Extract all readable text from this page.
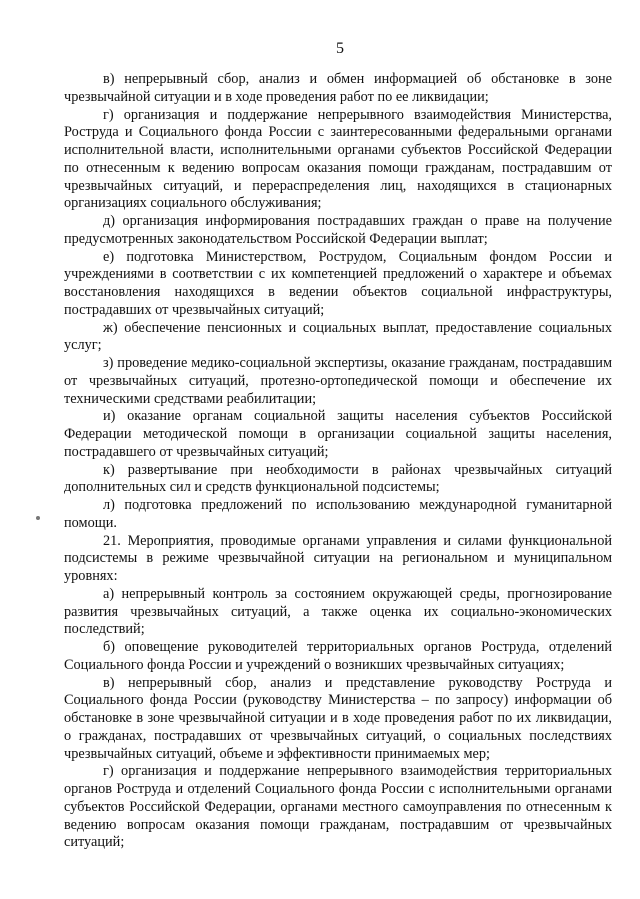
5

в) непрерывный сбор, анализ и обмен информацией об обстановке в зоне чрезвычайной ситуации и в ходе проведения работ по ее ликвидации;

г) организация и поддержание непрерывного взаимодействия Министерства, Роструда и Социального фонда России с заинтересованными федеральными органами исполнительной власти, исполнительными органами субъектов Российской Федерации по отнесенным к ведению вопросам оказания помощи гражданам, пострадавшим от чрезвычайных ситуаций, и перераспределения лиц, находящихся в стационарных организациях социального обслуживания;

д) организация информирования пострадавших граждан о праве на получение предусмотренных законодательством Российской Федерации выплат;

е) подготовка Министерством, Рострудом, Социальным фондом России и учреждениями в соответствии с их компетенцией предложений о характере и объемах восстановления находящихся в ведении объектов социальной инфраструктуры, пострадавших от чрезвычайных ситуаций;

ж) обеспечение пенсионных и социальных выплат, предоставление социальных услуг;

з) проведение медико-социальной экспертизы, оказание гражданам, пострадавшим от чрезвычайных ситуаций, протезно-ортопедической помощи и обеспечение их техническими средствами реабилитации;

и) оказание органам социальной защиты населения субъектов Российской Федерации методической помощи в организации социальной защиты населения, пострадавшего от чрезвычайных ситуаций;

к) развертывание при необходимости в районах чрезвычайных ситуаций дополнительных сил и средств функциональной подсистемы;

л) подготовка предложений по использованию международной гуманитарной помощи.

21. Мероприятия, проводимые органами управления и силами функциональной подсистемы в режиме чрезвычайной ситуации на региональном и муниципальном уровнях:

а) непрерывный контроль за состоянием окружающей среды, прогнозирование развития чрезвычайных ситуаций, а также оценка их социально-экономических последствий;

б) оповещение руководителей территориальных органов Роструда, отделений Социального фонда России и учреждений о возникших чрезвычайных ситуациях;

в) непрерывный сбор, анализ и представление руководству Роструда и Социального фонда России (руководству Министерства – по запросу) информации об обстановке в зоне чрезвычайной ситуации и в ходе проведения работ по их ликвидации, о гражданах, пострадавших от чрезвычайных ситуаций, о социальных последствиях чрезвычайных ситуаций, объеме и эффективности принимаемых мер;

г) организация и поддержание непрерывного взаимодействия территориальных органов Роструда и отделений Социального фонда России с исполнительными органами субъектов Российской Федерации, органами местного самоуправления по отнесенным к ведению вопросам оказания помощи гражданам, пострадавшим от чрезвычайных ситуаций;
